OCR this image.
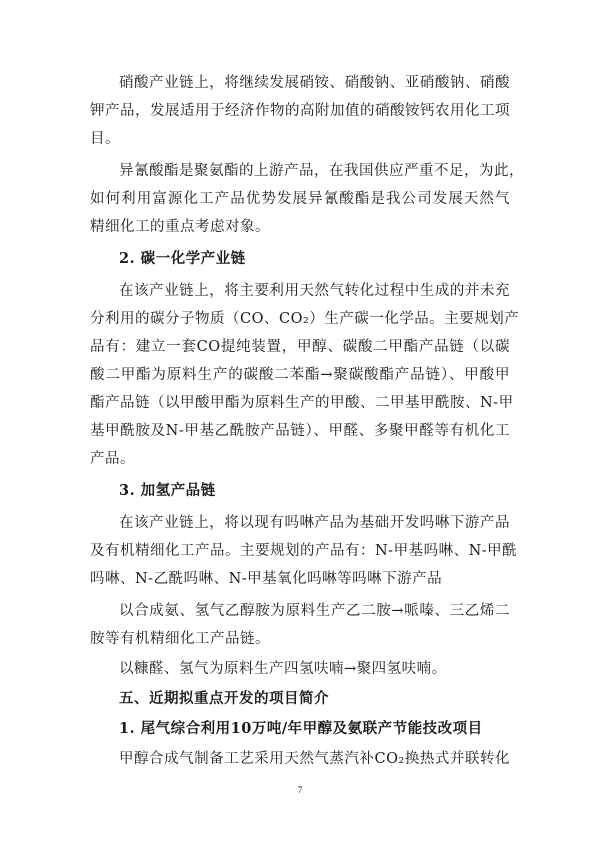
硝酸产业链上，将继续发展硝铵、硝酸钠、亚硝酸钠、硝酸
钾产品，发展适用于经济作物的高附加值的硝酸铵钙农用化工项
目。
异氰酸酯是聚氨酯的上游产品，在我国供应严重不足，为此，
如何利用富源化工产品优势发展异氰酸酯是我公司发展天然气
精细化工的重点考虑对象。
2. 碳一化学产业链
在该产业链上，将主要利用天然气转化过程中生成的并未充
分利用的碳分子物质（CO、CO₂）生产碳一化学品。主要规划产
品有：建立一套CO提纯装置，甲醇、碳酸二甲酯产品链（以碳
酸二甲酯为原料生产的碳酸二苯酯→聚碳酸酯产品链）、甲酸甲
酯产品链（以甲酸甲酯为原料生产的甲酸、二甲基甲酰胺、N-甲
基甲酰胺及N-甲基乙酰胺产品链）、甲醛、多聚甲醛等有机化工
产品。
3. 加氢产品链
在该产业链上，将以现有吗啉产品为基础开发吗啉下游产品
及有机精细化工产品。主要规划的产品有：N-甲基吗啉、N-甲酰
吗啉、N-乙酰吗啉、N-甲基氧化吗啉等吗啉下游产品
以合成氨、氢气乙醇胺为原料生产乙二胺→哌嗪、三乙烯二
胺等有机精细化工产品链。
以糠醛、氢气为原料生产四氢呋喃→聚四氢呋喃。
五、近期拟重点开发的项目简介
1. 尾气综合利用10万吨/年甲醇及氨联产节能技改项目
甲醇合成气制备工艺采用天然气蒸汽补CO₂换热式并联转化
7
